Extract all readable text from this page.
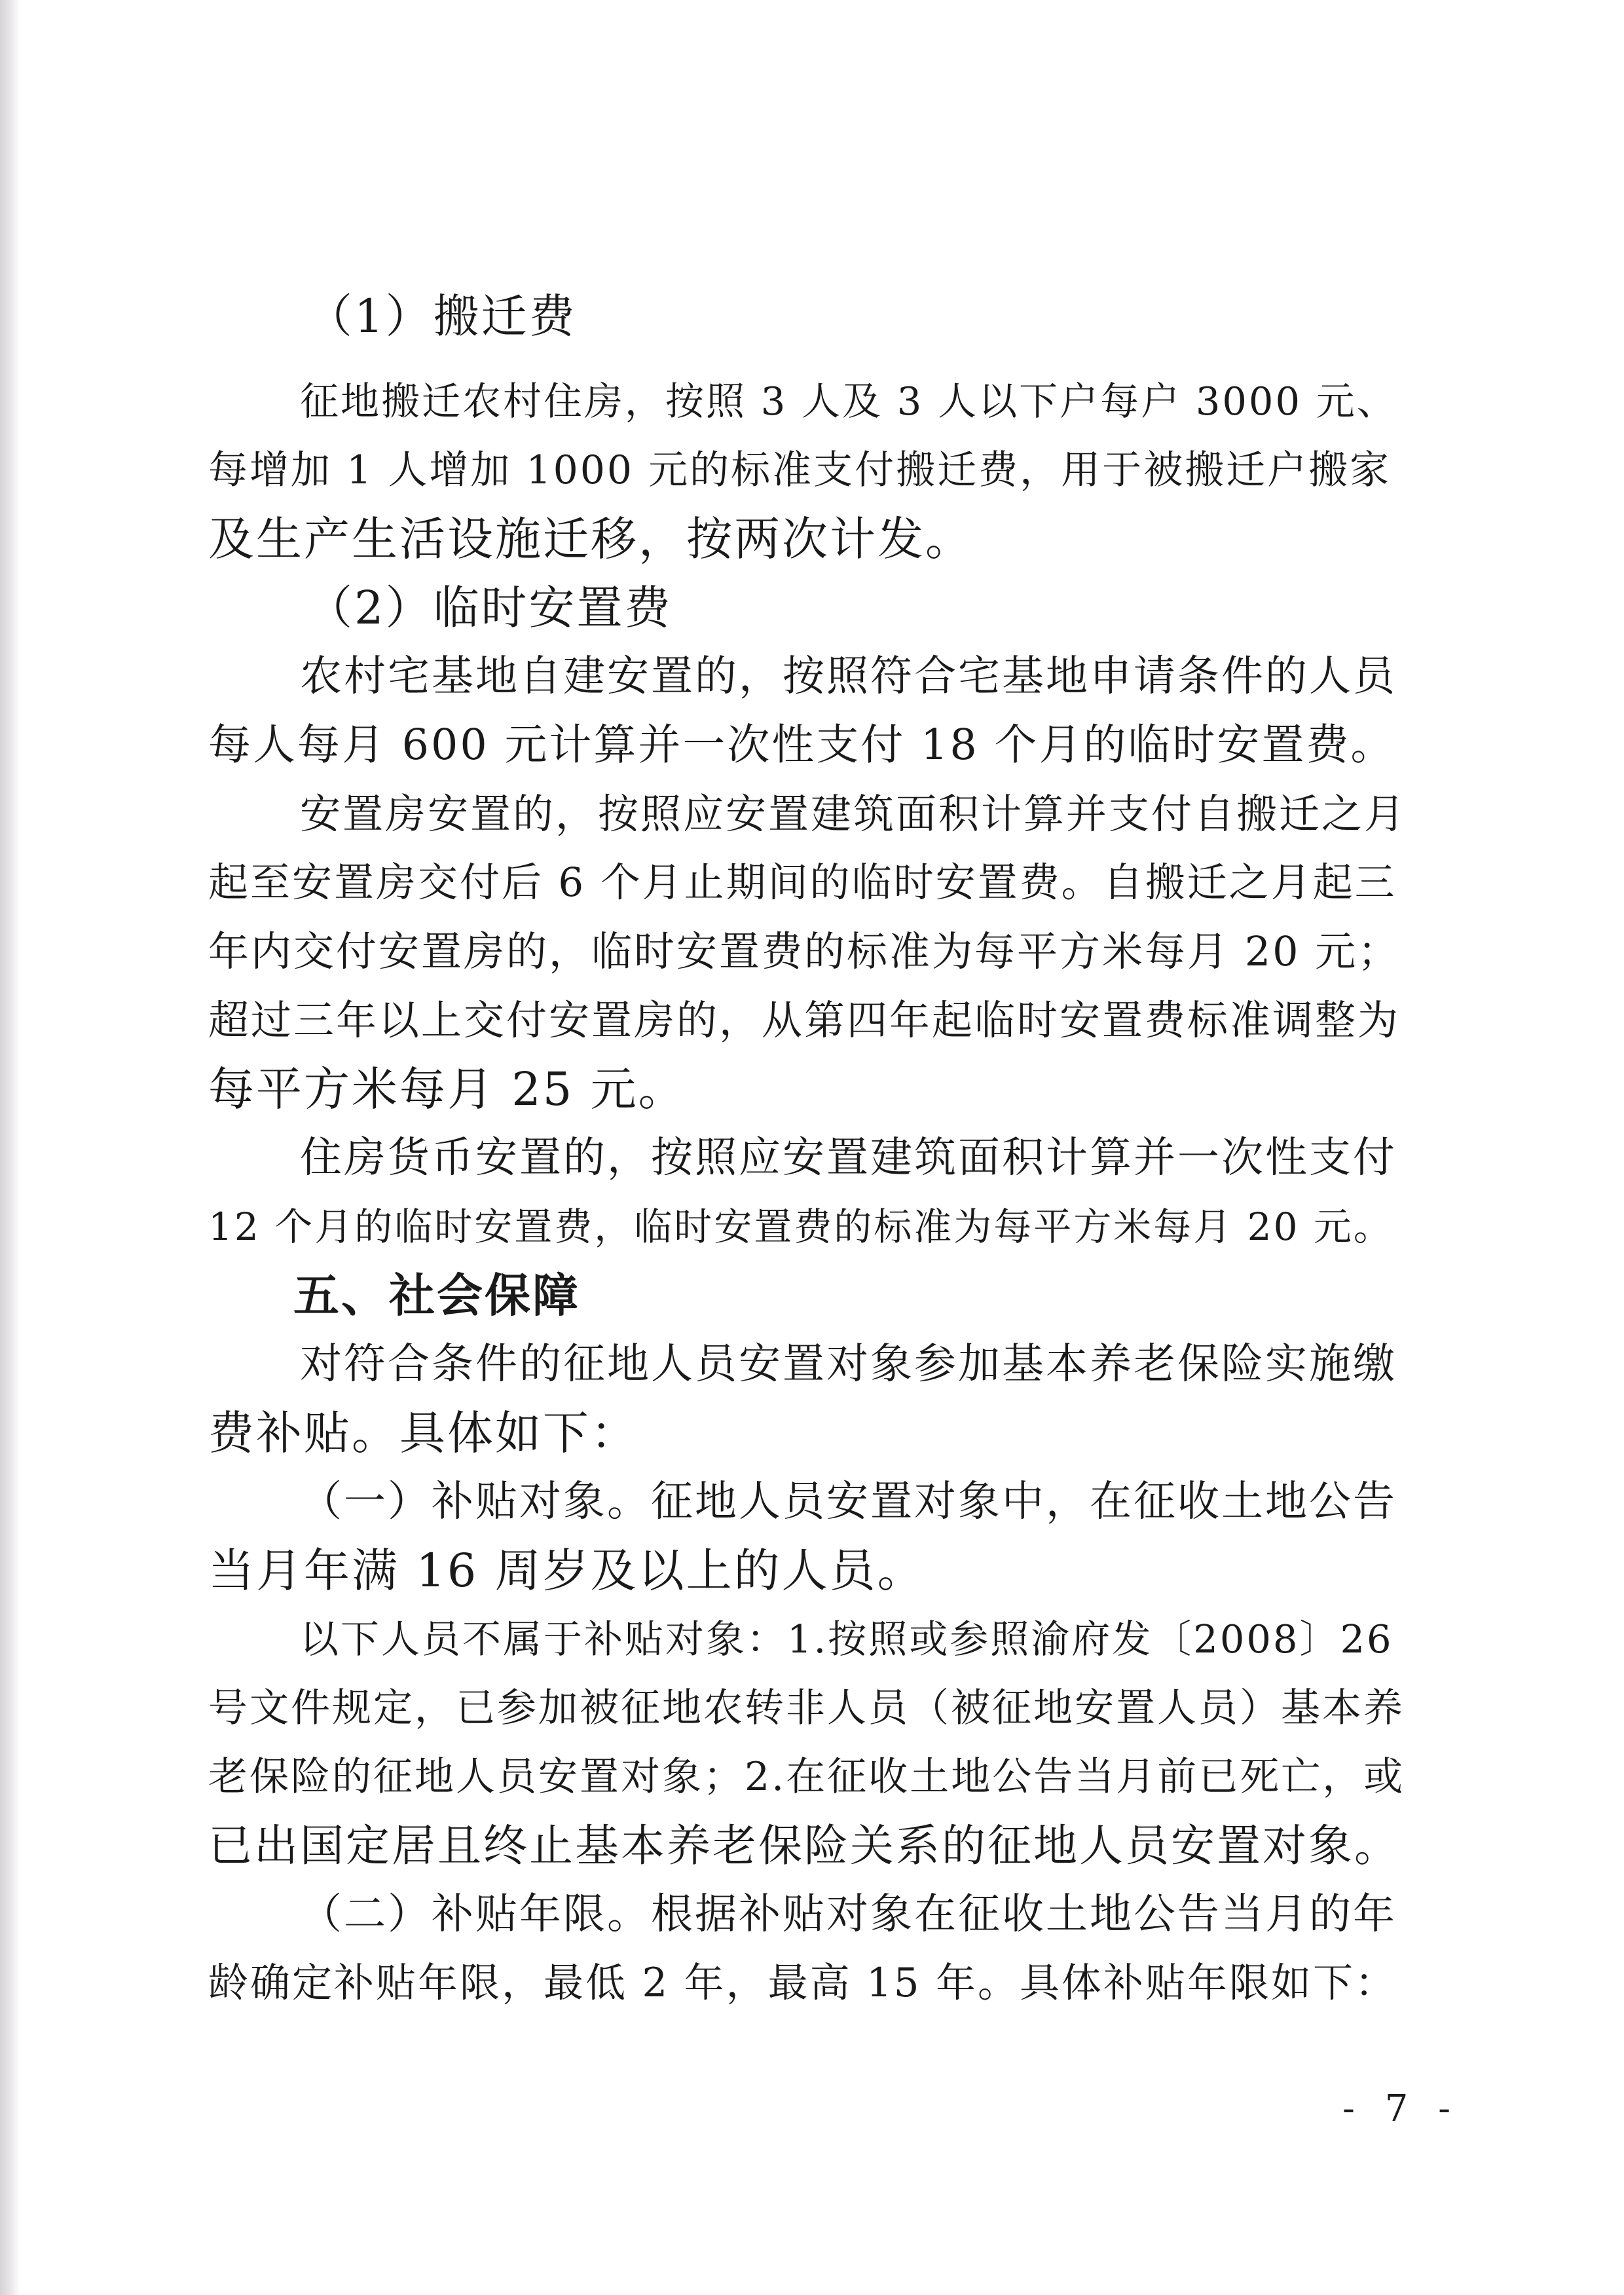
（1）搬迁费

征地搬迁农村住房，按照 3 人及 3 人以下户每户 3000 元、

每增加 1 人增加 1000 元的标准支付搬迁费，用于被搬迁户搬家

及生产生活设施迁移，按两次计发。

（2）临时安置费

农村宅基地自建安置的，按照符合宅基地申请条件的人员

每人每月 600 元计算并一次性支付 18 个月的临时安置费。

安置房安置的，按照应安置建筑面积计算并支付自搬迁之月

起至安置房交付后 6 个月止期间的临时安置费。自搬迁之月起三

年内交付安置房的，临时安置费的标准为每平方米每月 20 元；

超过三年以上交付安置房的，从第四年起临时安置费标准调整为

每平方米每月 25 元。

住房货币安置的，按照应安置建筑面积计算并一次性支付

12 个月的临时安置费，临时安置费的标准为每平方米每月 20 元。

五、社会保障

对符合条件的征地人员安置对象参加基本养老保险实施缴

费补贴。具体如下：

（一）补贴对象。征地人员安置对象中，在征收土地公告

当月年满 16 周岁及以上的人员。

以下人员不属于补贴对象：1.按照或参照渝府发〔2008〕26

号文件规定，已参加被征地农转非人员（被征地安置人员）基本养

老保险的征地人员安置对象；2.在征收土地公告当月前已死亡，或

已出国定居且终止基本养老保险关系的征地人员安置对象。

（二）补贴年限。根据补贴对象在征收土地公告当月的年

龄确定补贴年限，最低 2 年，最高 15 年。具体补贴年限如下：

- 7 -
